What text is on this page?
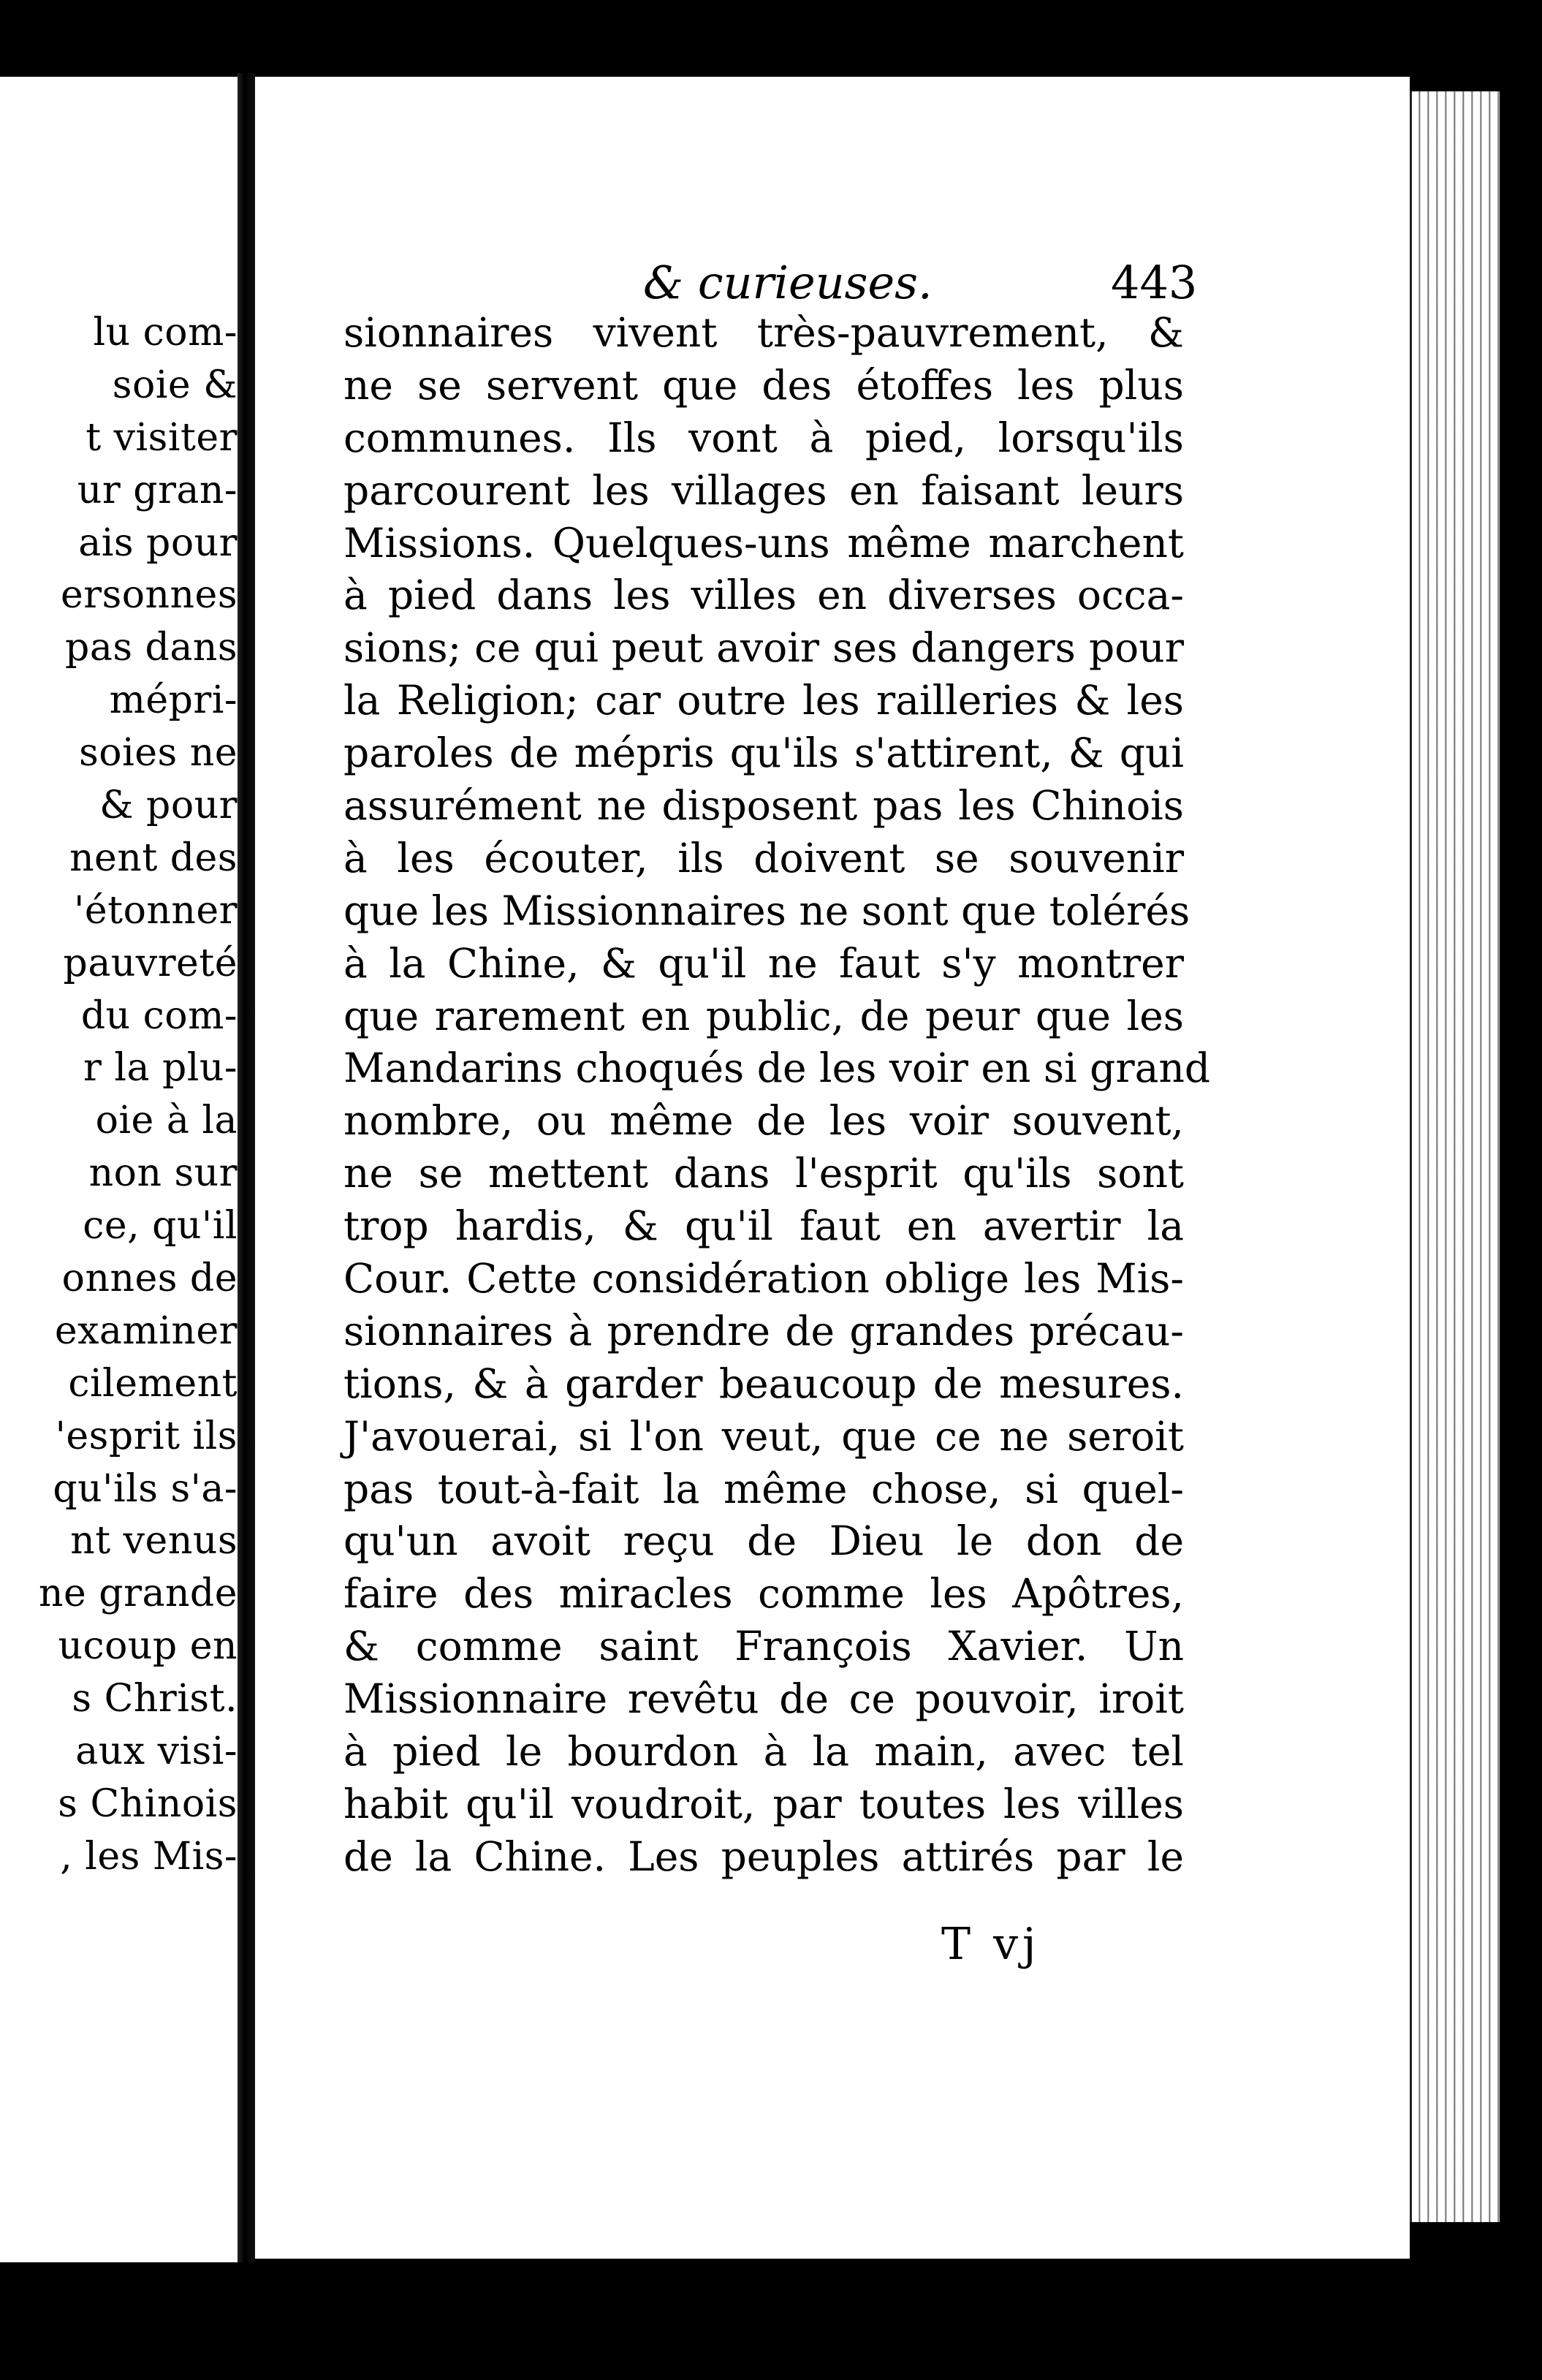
lu com-
soie &
t visiter
ur gran-
ais pour
ersonnes
pas dans
mépri-
soies ne
& pour
nent des
'étonner
pauvreté
du com-
r la plu-
oie à la
non sur
ce, qu'il
onnes de
examiner
cilement
'esprit ils
qu'ils s'a-
nt venus
ne grande
ucoup en
s Christ.
aux visi-
s Chinois
, les Mis-
& curieuses.	443
sionnaires vivent très-pauvrement, &
ne se servent que des étoffes les plus
communes. Ils vont à pied, lorsqu'ils
parcourent les villages en faisant leurs
Missions. Quelques-uns même marchent
à pied dans les villes en diverses occa-
sions; ce qui peut avoir ses dangers pour
la Religion; car outre les railleries & les
paroles de mépris qu'ils s'attirent, & qui
assurément ne disposent pas les Chinois
à les écouter, ils doivent se souvenir
que les Missionnaires ne sont que tolérés
à la Chine, & qu'il ne faut s'y montrer
que rarement en public, de peur que les
Mandarins choqués de les voir en si grand
nombre, ou même de les voir souvent,
ne se mettent dans l'esprit qu'ils sont
trop hardis, & qu'il faut en avertir la
Cour. Cette considération oblige les Mis-
sionnaires à prendre de grandes précau-
tions, & à garder beaucoup de mesures.
J'avouerai, si l'on veut, que ce ne seroit
pas tout-à-fait la même chose, si quel-
qu'un avoit reçu de Dieu le don de
faire des miracles comme les Apôtres,
& comme saint François Xavier. Un
Missionnaire revêtu de ce pouvoir, iroit
à pied le bourdon à la main, avec tel
habit qu'il voudroit, par toutes les villes
de la Chine. Les peuples attirés par le
T vj
